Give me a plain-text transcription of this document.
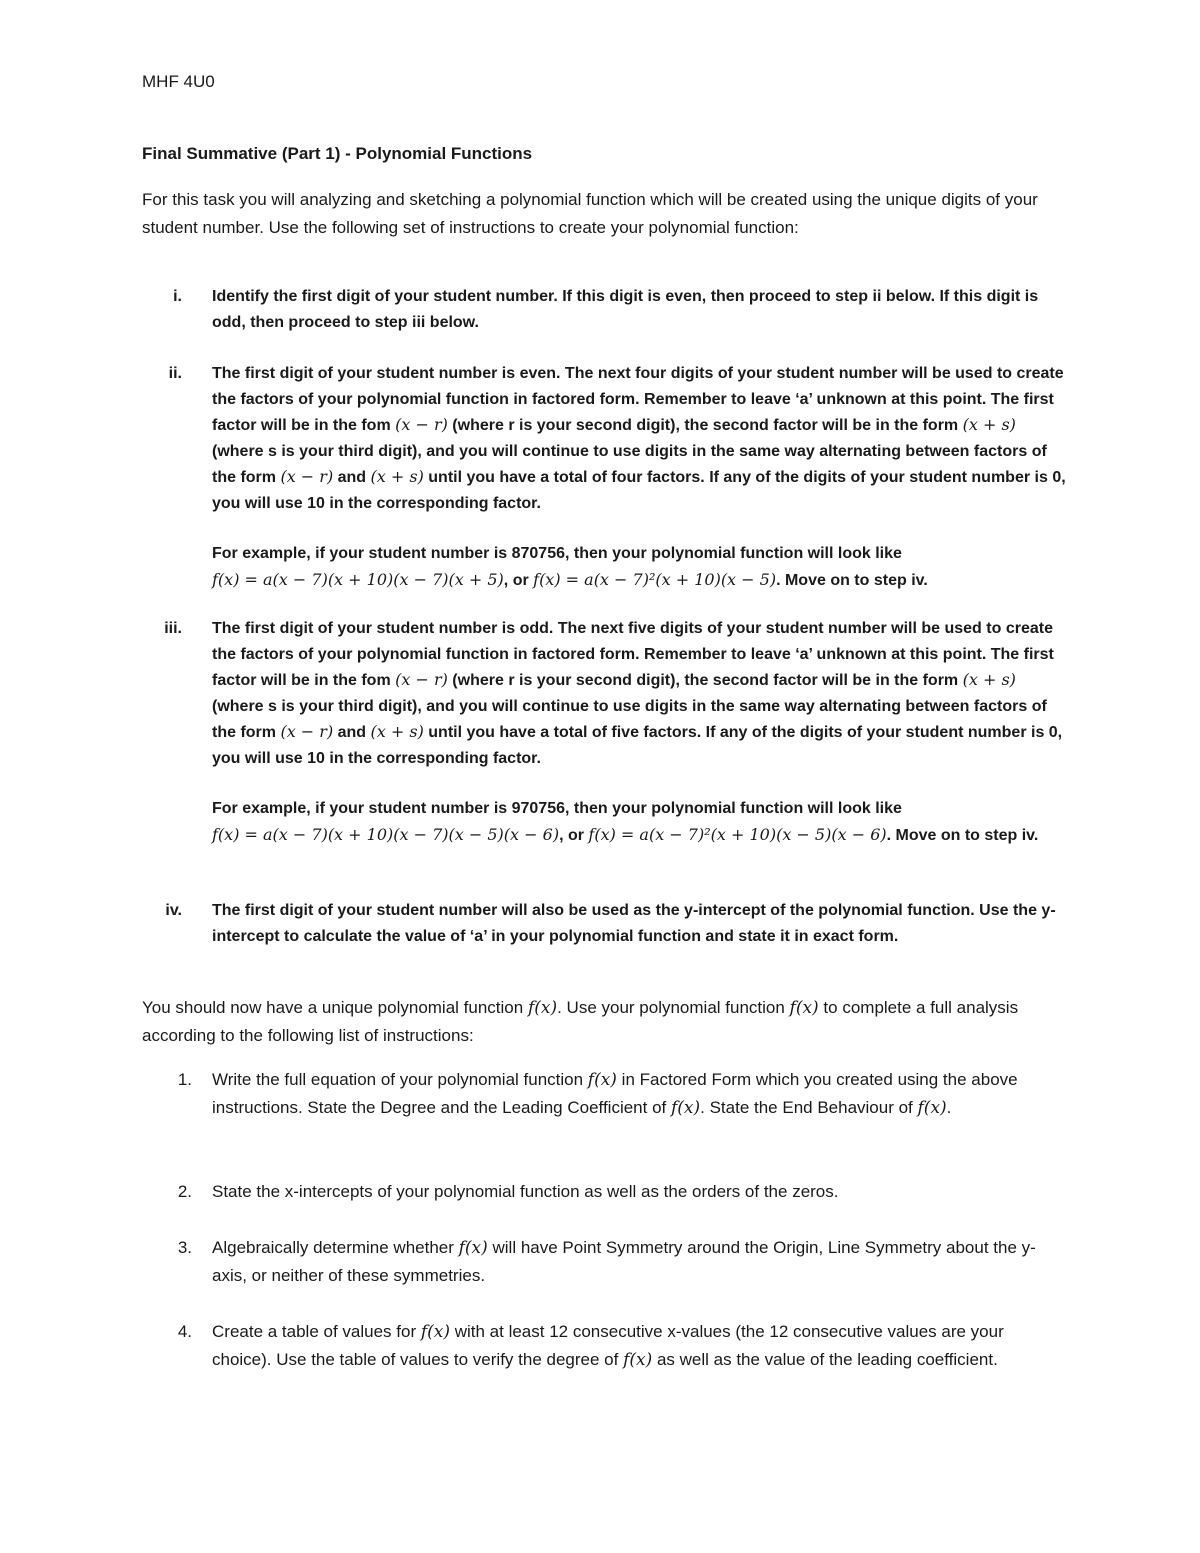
MHF 4U0
Final Summative (Part 1) - Polynomial Functions
For this task you will analyzing and sketching a polynomial function which will be created using the unique digits of your student number. Use the following set of instructions to create your polynomial function:
i. Identify the first digit of your student number. If this digit is even, then proceed to step ii below. If this digit is odd, then proceed to step iii below.

ii. The first digit of your student number is even. The next four digits of your student number will be used to create the factors of your polynomial function in factored form. Remember to leave ‘a’ unknown at this point. The first factor will be in the fom (x − r) (where r is your second digit), the second factor will be in the form (x + s) (where s is your third digit), and you will continue to use digits in the same way alternating between factors of the form (x − r) and (x + s) until you have a total of four factors. If any of the digits of your student number is 0, you will use 10 in the corresponding factor.

For example, if your student number is 870756, then your polynomial function will look like
f(x) = a(x − 7)(x + 10)(x − 7)(x + 5), or f(x) = a(x − 7)²(x + 10)(x − 5). Move on to step iv.

iii. The first digit of your student number is odd. The next five digits of your student number will be used to create the factors of your polynomial function in factored form. Remember to leave ‘a’ unknown at this point. The first factor will be in the fom (x − r) (where r is your second digit), the second factor will be in the form (x + s) (where s is your third digit), and you will continue to use digits in the same way alternating between factors of the form (x − r) and (x + s) until you have a total of five factors. If any of the digits of your student number is 0, you will use 10 in the corresponding factor.

For example, if your student number is 970756, then your polynomial function will look like
f(x) = a(x − 7)(x + 10)(x − 7)(x − 5)(x − 6), or f(x) = a(x − 7)²(x + 10)(x − 5)(x − 6). Move on to step iv.

iv. The first digit of your student number will also be used as the y-intercept of the polynomial function. Use the y-intercept to calculate the value of ‘a’ in your polynomial function and state it in exact form.

You should now have a unique polynomial function f(x). Use your polynomial function f(x) to complete a full analysis according to the following list of instructions:
1. Write the full equation of your polynomial function f(x) in Factored Form which you created using the above instructions. State the Degree and the Leading Coefficient of f(x). State the End Behaviour of f(x).
2. State the x-intercepts of your polynomial function as well as the orders of the zeros.
3. Algebraically determine whether f(x) will have Point Symmetry around the Origin, Line Symmetry about the y-axis, or neither of these symmetries.
4. Create a table of values for f(x) with at least 12 consecutive x-values (the 12 consecutive values are your choice). Use the table of values to verify the degree of f(x) as well as the value of the leading coefficient.
